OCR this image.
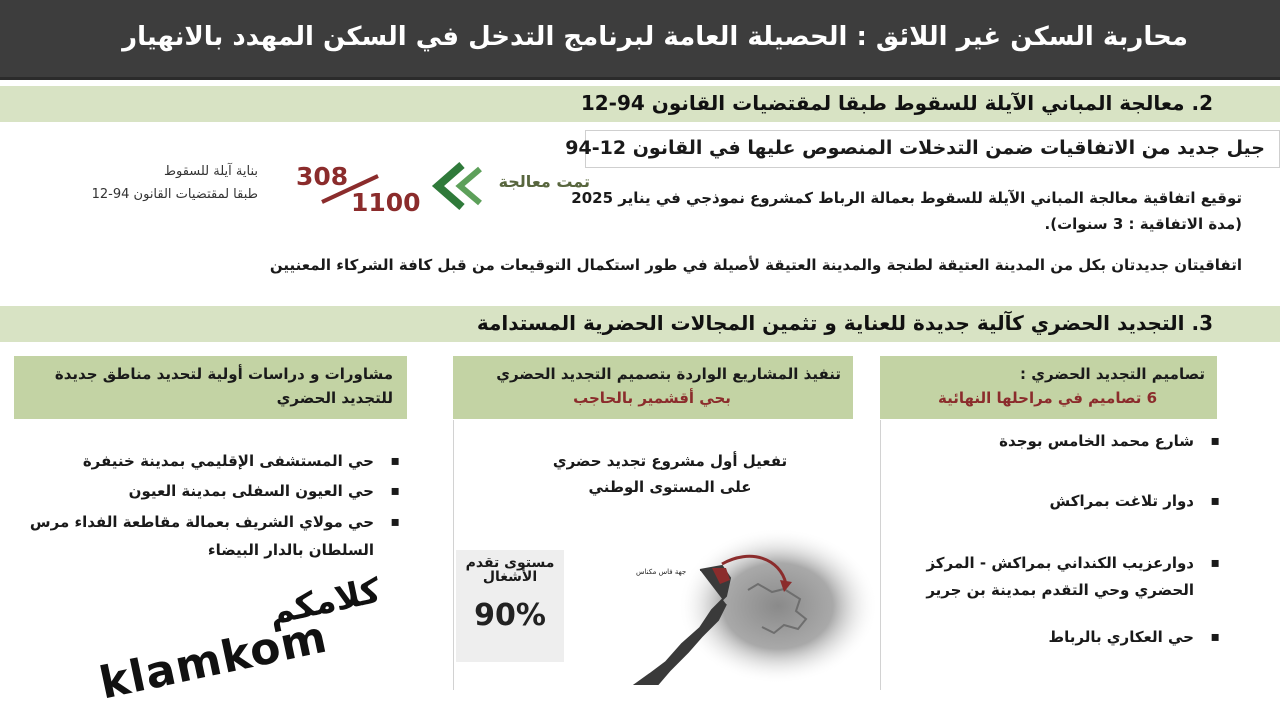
محاربة السكن غير اللائق : الحصيلة العامة لبرنامج التدخل في السكن المهدد بالانهيار
2. معالجة المباني الآيلة للسقوط طبقا لمقتضيات القانون 94-12
جيل جديد من الاتفاقيات ضمن التدخلات المنصوص عليها في القانون 12-94
توقيع اتفاقية معالجة المباني الآيلة للسقوط بعمالة الرباط كمشروع نموذجي في يناير 2025
(مدة الاتفاقية : 3 سنوات).
اتفاقيتان جديدتان بكل من المدينة العتيقة لطنجة والمدينة العتيقة لأصيلة في طور استكمال التوقيعات من قبل كافة الشركاء المعنيين
تمت معالجة
308
1100
بناية آيلة للسقوط
طبقا لمقتضيات القانون 94-12
3. التجديد الحضري كآلية جديدة للعناية و تثمين المجالات الحضرية المستدامة
تصاميم التجديد الحضري :
6 تصاميم في مراحلها النهائية
▪ شارع محمد الخامس بوجدة
▪ دوار تلاغت بمراكش
▪ دوارعزيب الكنداني بمراكش - المركز الحضري وحي التقدم بمدينة بن جرير
▪ حي العكاري بالرباط
تنفيذ المشاريع الواردة بتصميم التجديد الحضري
بحي أقشمير بالحاجب
تفعيل أول مشروع تجديد حضري على المستوى الوطني
مستوى تقدم الأشغال
90%
جهة فاس مكناس
مشاورات و دراسات أولية لتحديد مناطق جديدة للتجديد الحضري
▪ حي المستشفى الإقليمي بمدينة خنيفرة
▪ حي العيون السفلى بمدينة العيون
▪ حي مولاي الشريف بعمالة مقاطعة الفداء مرس السلطان بالدار البيضاء
كلامكم
klamkom
